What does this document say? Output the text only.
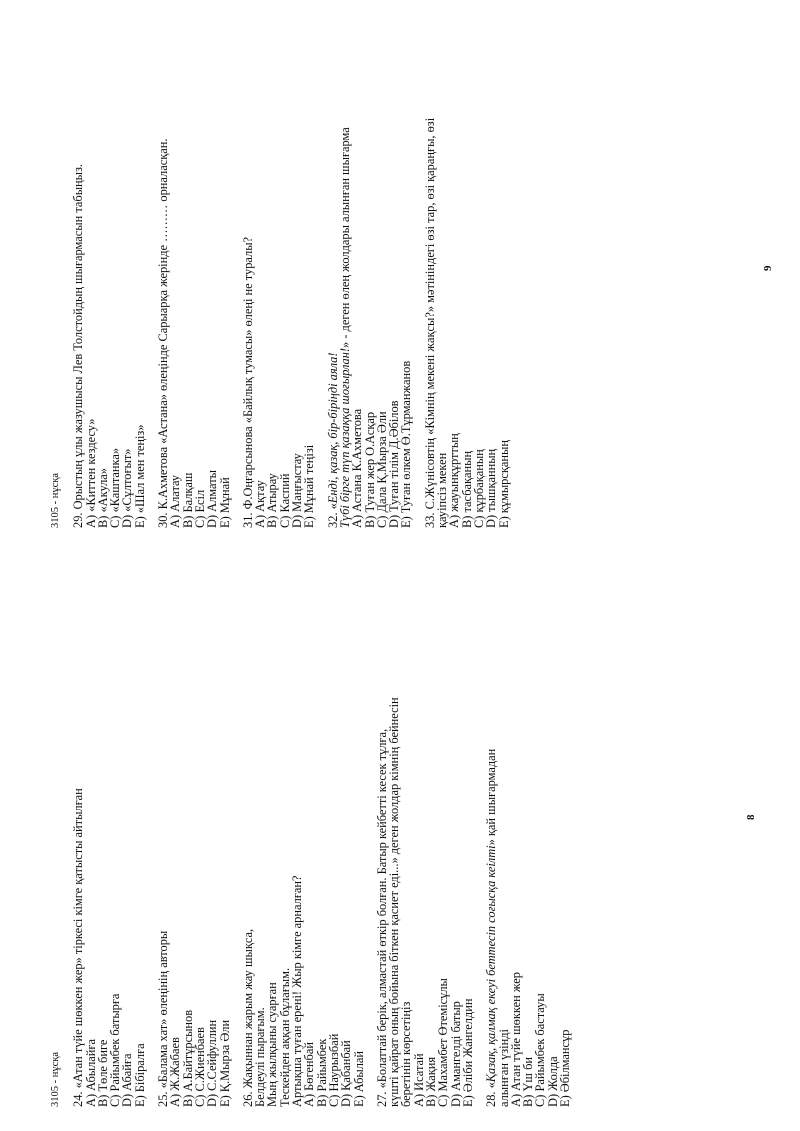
3105 - нұсқа 24. «Атан түйе шөккен жер» тіркесі кімге қатысты айтылған
А) Абылайға
В) Төле биге
С) Райымбек батырға
D) Абайға
Е) Бібіралға 25. «Балама хат» өлеңінің авторы
А) Ж.Жабаев
В) А.Байтұрсынов
С) С.Жиенбаев
D) С.Сейфуллин
Е) Қ.Мырза Әли 26. Жақыннан жарым жау шықса,
Белдеулі пырағым.
Мың жылқыны суарған
Тескейден аққан бұлағым.
Артықша туған ерені! Жыр кімге арналған?
А) Бөгенбай
В) Райымбек
С) Наурызбай
D) Қабанбай
Е) Абылай 27. «Болаттай берік, алмастай өткір болған. Батыр кейбетті кесек тұлға,
күшті қайрат оның бойына біткен қасиет еді...» деген жолдар кімнің бейнесін
беретінін көрсетіңіз
А) Исатай
В) Жақия
С) Махамбет Өтемісұлы
D) Амангелді батыр
Е) Әліби Жангелдин 28. «Қазақ, қалмақ екеуі беттесіп соғысқа кеілті» қай шығармадан
алынған үзінді
А) Атан түйе шөккен жер
В) Үш би
С) Райымбек бастауы
D) Жолда
Е) Әбілмансұр
8
3105 - нұсқа 29. Орыстың ұлы жазушысы Лев Толстойдың шығармасын табыңыз.
А) «Киттен кездесу»
В) «Акула»
С) «Каштанка»
D) «Сұлтоғыт»
Е) «Шал мен теңіз» 30. К.Ахметова «Астана» өлеңінде Сарыарқа жерінде ……… орналасқан.
А) Алатау
В) Балқаш
С) Есіл
D) Алматы
Е) Мұнай 31. Ф.Оңғарсынова «Байлық тумасы» өлеңі не туралы?
А) Ақтау
В) Атырау
С) Каспий
D) Маңғыстау
Е) Мұнай теңізі 32. «Енді, қазақ, бір-біріңді аяла!
Түбі бірге түп қазаққа шоғырлан!» - деген өлең жолдары алынған шығарма
А) Астана К.Ахметова
В) Туған жер О.Асқар
С) Дала Қ.Мырза Әли
D) Туған тілім Д.Әбілов
Е) Туған өлкем Ө.Тұрманжанов 33. С.Жүнісовтің «Кімнің мекені жақсы?» мәтініндегі өзі тар, өзі қараңғы, өзі
қауіпсіз мекен
А) жауынқұрттың
В) тасбақаның
С) құрбақаның
D) тышқанның
Е) құмырсқаның
9
